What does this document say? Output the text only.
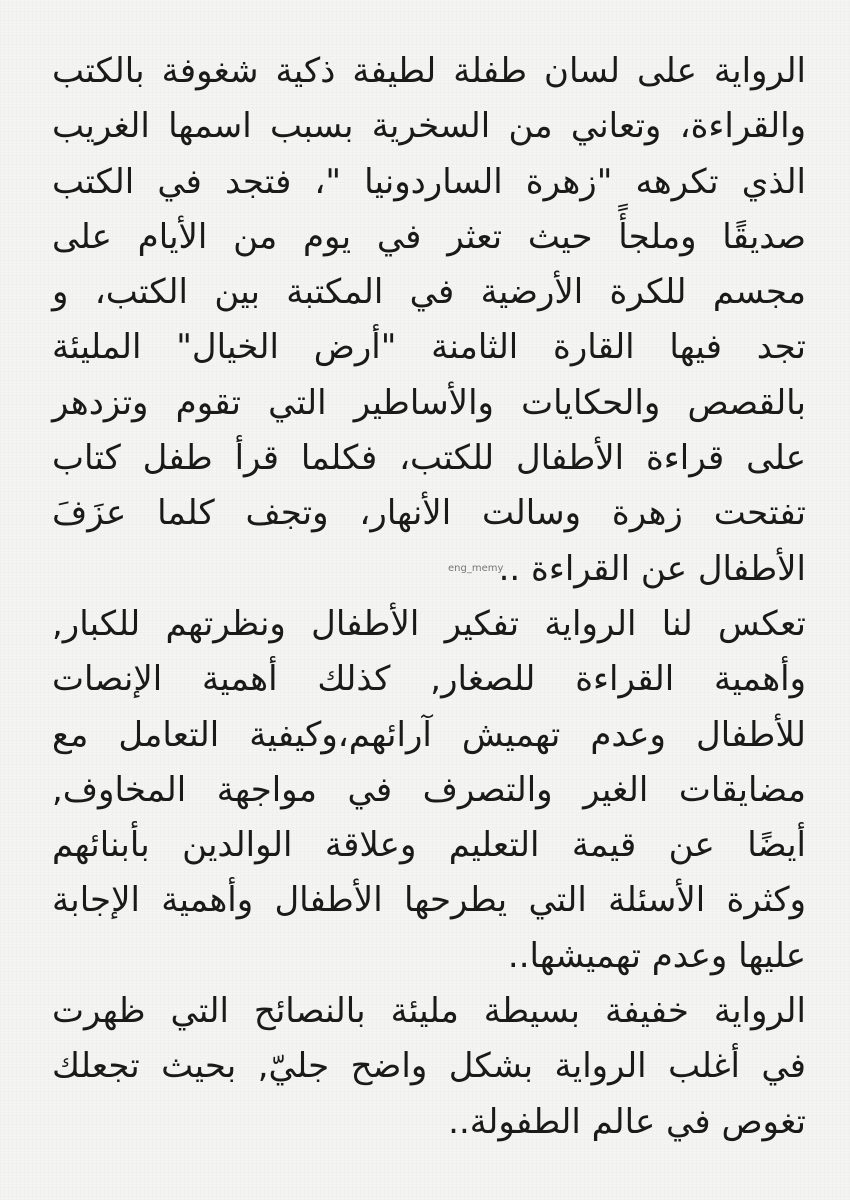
الرواية على لسان طفلة لطيفة ذكية شغوفة بالكتب
والقراءة، وتعاني من السخرية بسبب اسمها الغريب
الذي تكرهه "زهرة الساردونيا "، فتجد في الكتب
صديقًا وملجأً حيث تعثر في يوم من الأيام على
مجسم للكرة الأرضية في المكتبة بين الكتب، و
تجد فيها القارة الثامنة "أرض الخيال" المليئة
بالقصص والحكايات والأساطير التي تقوم وتزدهر
على قراءة الأطفال للكتب، فكلما قرأ طفل كتاب
تفتحت زهرة وسالت الأنهار، وتجف كلما عزَفَ
الأطفال عن القراءة ..
تعكس لنا الرواية تفكير الأطفال ونظرتهم للكبار,
وأهمية القراءة للصغار, كذلك أهمية الإنصات
للأطفال وعدم تهميش آرائهم،وكيفية التعامل مع
مضايقات الغير والتصرف في مواجهة المخاوف,
أيضًا عن قيمة التعليم وعلاقة الوالدين بأبنائهم
وكثرة الأسئلة التي يطرحها الأطفال وأهمية الإجابة
عليها وعدم تهميشها..
الرواية خفيفة بسيطة مليئة بالنصائح التي ظهرت
في أغلب الرواية بشكل واضح جليّ, بحيث تجعلك
تغوص في عالم الطفولة..
eng_memy
